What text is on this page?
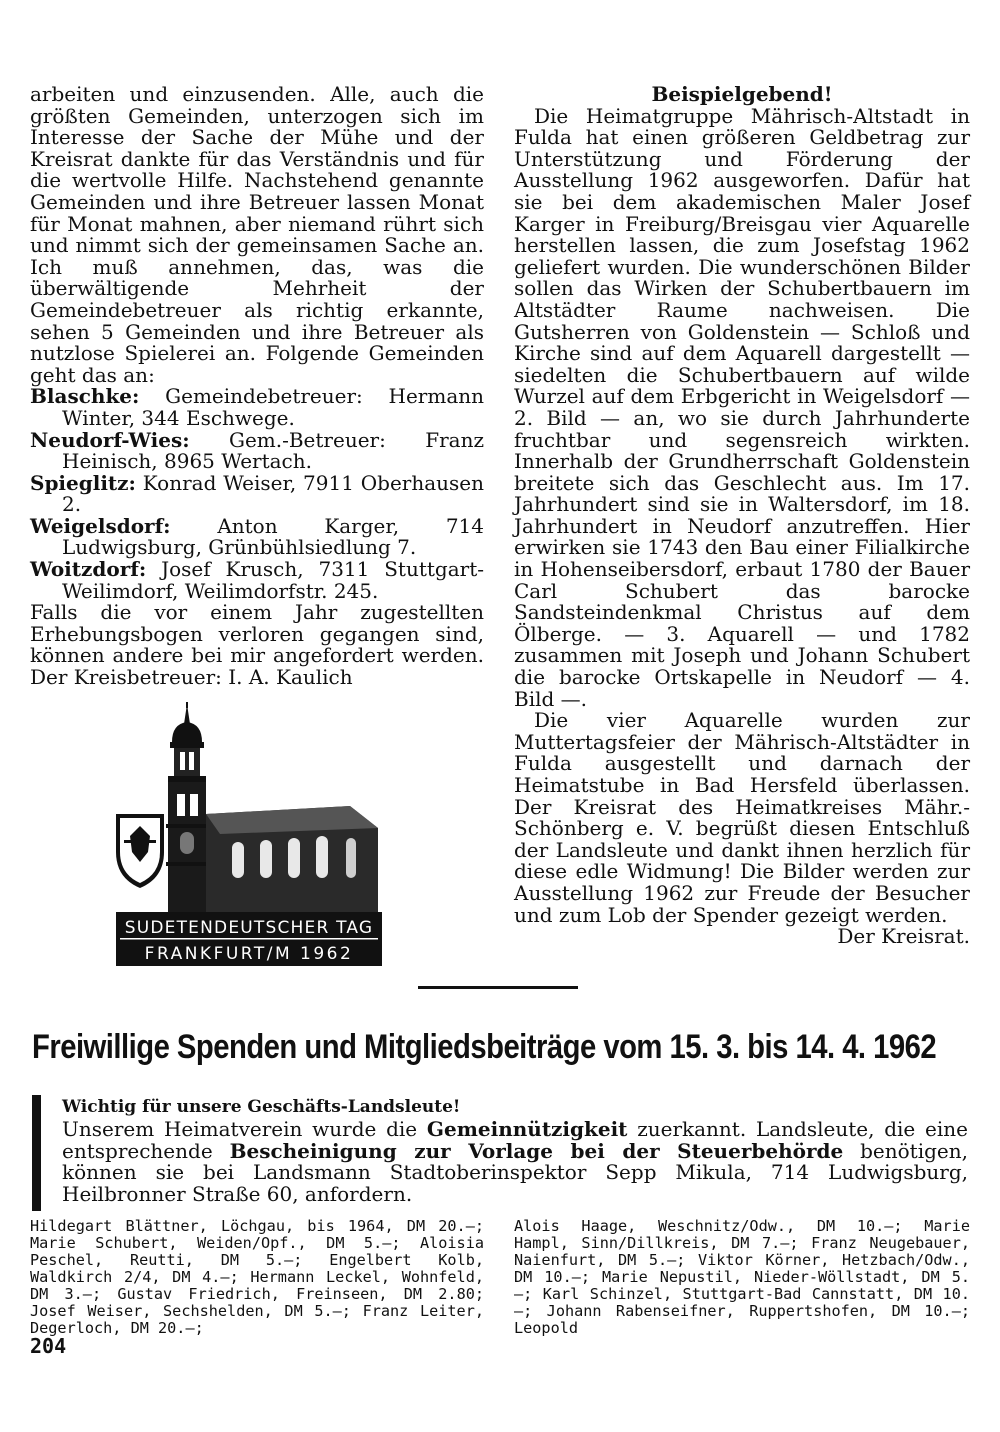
arbeiten und einzusenden. Alle, auch die größten Gemeinden, unterzogen sich im Interesse der Sache der Mühe und der Kreisrat dankte für das Verständnis und für die wertvolle Hilfe. Nachstehend genannte Gemeinden und ihre Betreuer lassen Monat für Monat mahnen, aber niemand rührt sich und nimmt sich der gemeinsamen Sache an. Ich muß annehmen, das, was die überwältigende Mehrheit der Gemeindebetreuer als richtig erkannte, sehen 5 Gemeinden und ihre Betreuer als nutzlose Spielerei an. Folgende Gemeinden geht das an:

Blaschke: Gemeindebetreuer: Hermann Winter, 344 Eschwege.

Neudorf-Wies: Gem.-Betreuer: Franz Heinisch, 8965 Wertach.

Spieglitz: Konrad Weiser, 7911 Oberhausen 2.

Weigelsdorf: Anton Karger, 714 Ludwigsburg, Grünbühlsiedlung 7.

Woitzdorf: Josef Krusch, 7311 Stuttgart-Weilimdorf, Weilimdorfstr. 245.

Falls die vor einem Jahr zugestellten Erhebungsbogen verloren gegangen sind, können andere bei mir angefordert werden. Der Kreisbetreuer: I. A. Kaulich

SUDETENDEUTSCHER TAG
FRANKFURT/M 1962

Beispielgebend!

Die Heimatgruppe Mährisch-Altstadt in Fulda hat einen größeren Geldbetrag zur Unterstützung und Förderung der Ausstellung 1962 ausgeworfen. Dafür hat sie bei dem akademischen Maler Josef Karger in Freiburg/Breisgau vier Aquarelle herstellen lassen, die zum Josefstag 1962 geliefert wurden. Die wunderschönen Bilder sollen das Wirken der Schubertbauern im Altstädter Raume nachweisen. Die Gutsherren von Goldenstein — Schloß und Kirche sind auf dem Aquarell dargestellt — siedelten die Schubertbauern auf wilde Wurzel auf dem Erbgericht in Weigelsdorf — 2. Bild — an, wo sie durch Jahrhunderte fruchtbar und segensreich wirkten. Innerhalb der Grundherrschaft Goldenstein breitete sich das Geschlecht aus. Im 17. Jahrhundert sind sie in Waltersdorf, im 18. Jahrhundert in Neudorf anzutreffen. Hier erwirken sie 1743 den Bau einer Filialkirche in Hohenseibersdorf, erbaut 1780 der Bauer Carl Schubert das barocke Sandsteindenkmal Christus auf dem Ölberge. — 3. Aquarell — und 1782 zusammen mit Joseph und Johann Schubert die barocke Ortskapelle in Neudorf — 4. Bild —.

Die vier Aquarelle wurden zur Muttertagsfeier der Mährisch-Altstädter in Fulda ausgestellt und darnach der Heimatstube in Bad Hersfeld überlassen. Der Kreisrat des Heimatkreises Mähr.-Schönberg e. V. begrüßt diesen Entschluß der Landsleute und dankt ihnen herzlich für diese edle Widmung! Die Bilder werden zur Ausstellung 1962 zur Freude der Besucher und zum Lob der Spender gezeigt werden.

Der Kreisrat.

Freiwillige Spenden und Mitgliedsbeiträge vom 15. 3. bis 14. 4. 1962
Wichtig für unsere Geschäfts-Landsleute!
Unserem Heimatverein wurde die Gemeinnützigkeit zuerkannt. Landsleute, die eine entsprechende Bescheinigung zur Vorlage bei der Steuerbehörde benötigen, können sie bei Landsmann Stadtoberinspektor Sepp Mikula, 714 Ludwigsburg, Heilbronner Straße 60, anfordern.
Hildegart Blättner, Löchgau, bis 1964, DM 20.—; Marie Schubert, Weiden/Opf., DM 5.—; Aloisia Peschel, Reutti, DM 5.—; Engelbert Kolb, Waldkirch 2/4, DM 4.—; Hermann Leckel, Wohnfeld, DM 3.—; Gustav Friedrich, Freinseen, DM 2.80; Josef Weiser, Sechshelden, DM 5.—; Franz Leiter, Degerloch, DM 20.—;
Alois Haage, Weschnitz/Odw., DM 10.—; Marie Hampl, Sinn/Dillkreis, DM 7.—; Franz Neugebauer, Naienfurt, DM 5.—; Viktor Körner, Hetzbach/Odw., DM 10.—; Marie Nepustil, Nieder-Wöllstadt, DM 5.—; Karl Schinzel, Stuttgart-Bad Cannstatt, DM 10.—; Johann Rabenseifner, Ruppertshofen, DM 10.—; Leopold
204
